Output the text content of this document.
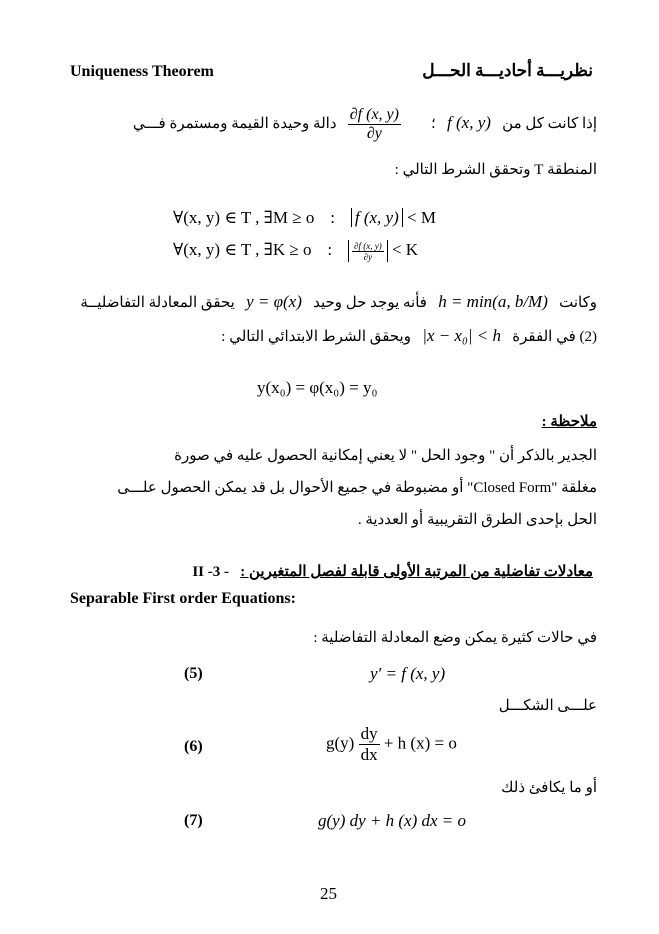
Uniqueness Theorem	نظريـــة أحاديـــة الحـــل
إذا كانت كل من   f (x, y)   ؛
$\frac{\partial f (x, y)}{\partial y}$
دالة وحيدة القيمة ومستمرة فـــي
المنطقة T وتحقق الشرط التالي :
∀(x, y) ∈ T , ∃M ≥ o : f (x, y) < M
∀(x, y) ∈ T , ∃K ≥ o : $\frac{\partial f (x, y)}{\partial y} < K$
وكانت   h = min(a, b/M)   فأنه يوجد حل وحيد   y = φ(x)   يحقق المعادلة التفاضليــة
(2) في الفقرة   |x − x₀| < h   ويحقق الشرط الابتدائي التالي :
y(x₀) = φ(x₀) = y₀
ملاحظة :
الجدير بالذكر أن " وجود الحل " لا يعني إمكانية الحصول عليه في صورة
مغلقة "Closed Form" أو مضبوطة في جميع الأحوال بل قد يمكن الحصول علـــى
الحل بإحدى الطرق التقريبية أو العددية .
معادلات تفاضلية من المرتبة الأولى قابلة لفصل المتغيرين :   II -3 -
Separable First order Equations:
في حالات كثيرة يمكن وضع المعادلة التفاضلية :
(5)	y′ = f (x, y)
علـــى الشكـــل
(6)	$g(y) \frac{dy}{dx} + h$ (x) = o
أو ما يكافئ ذلك
(7)	g(y) dy + h (x) dx = o
25
